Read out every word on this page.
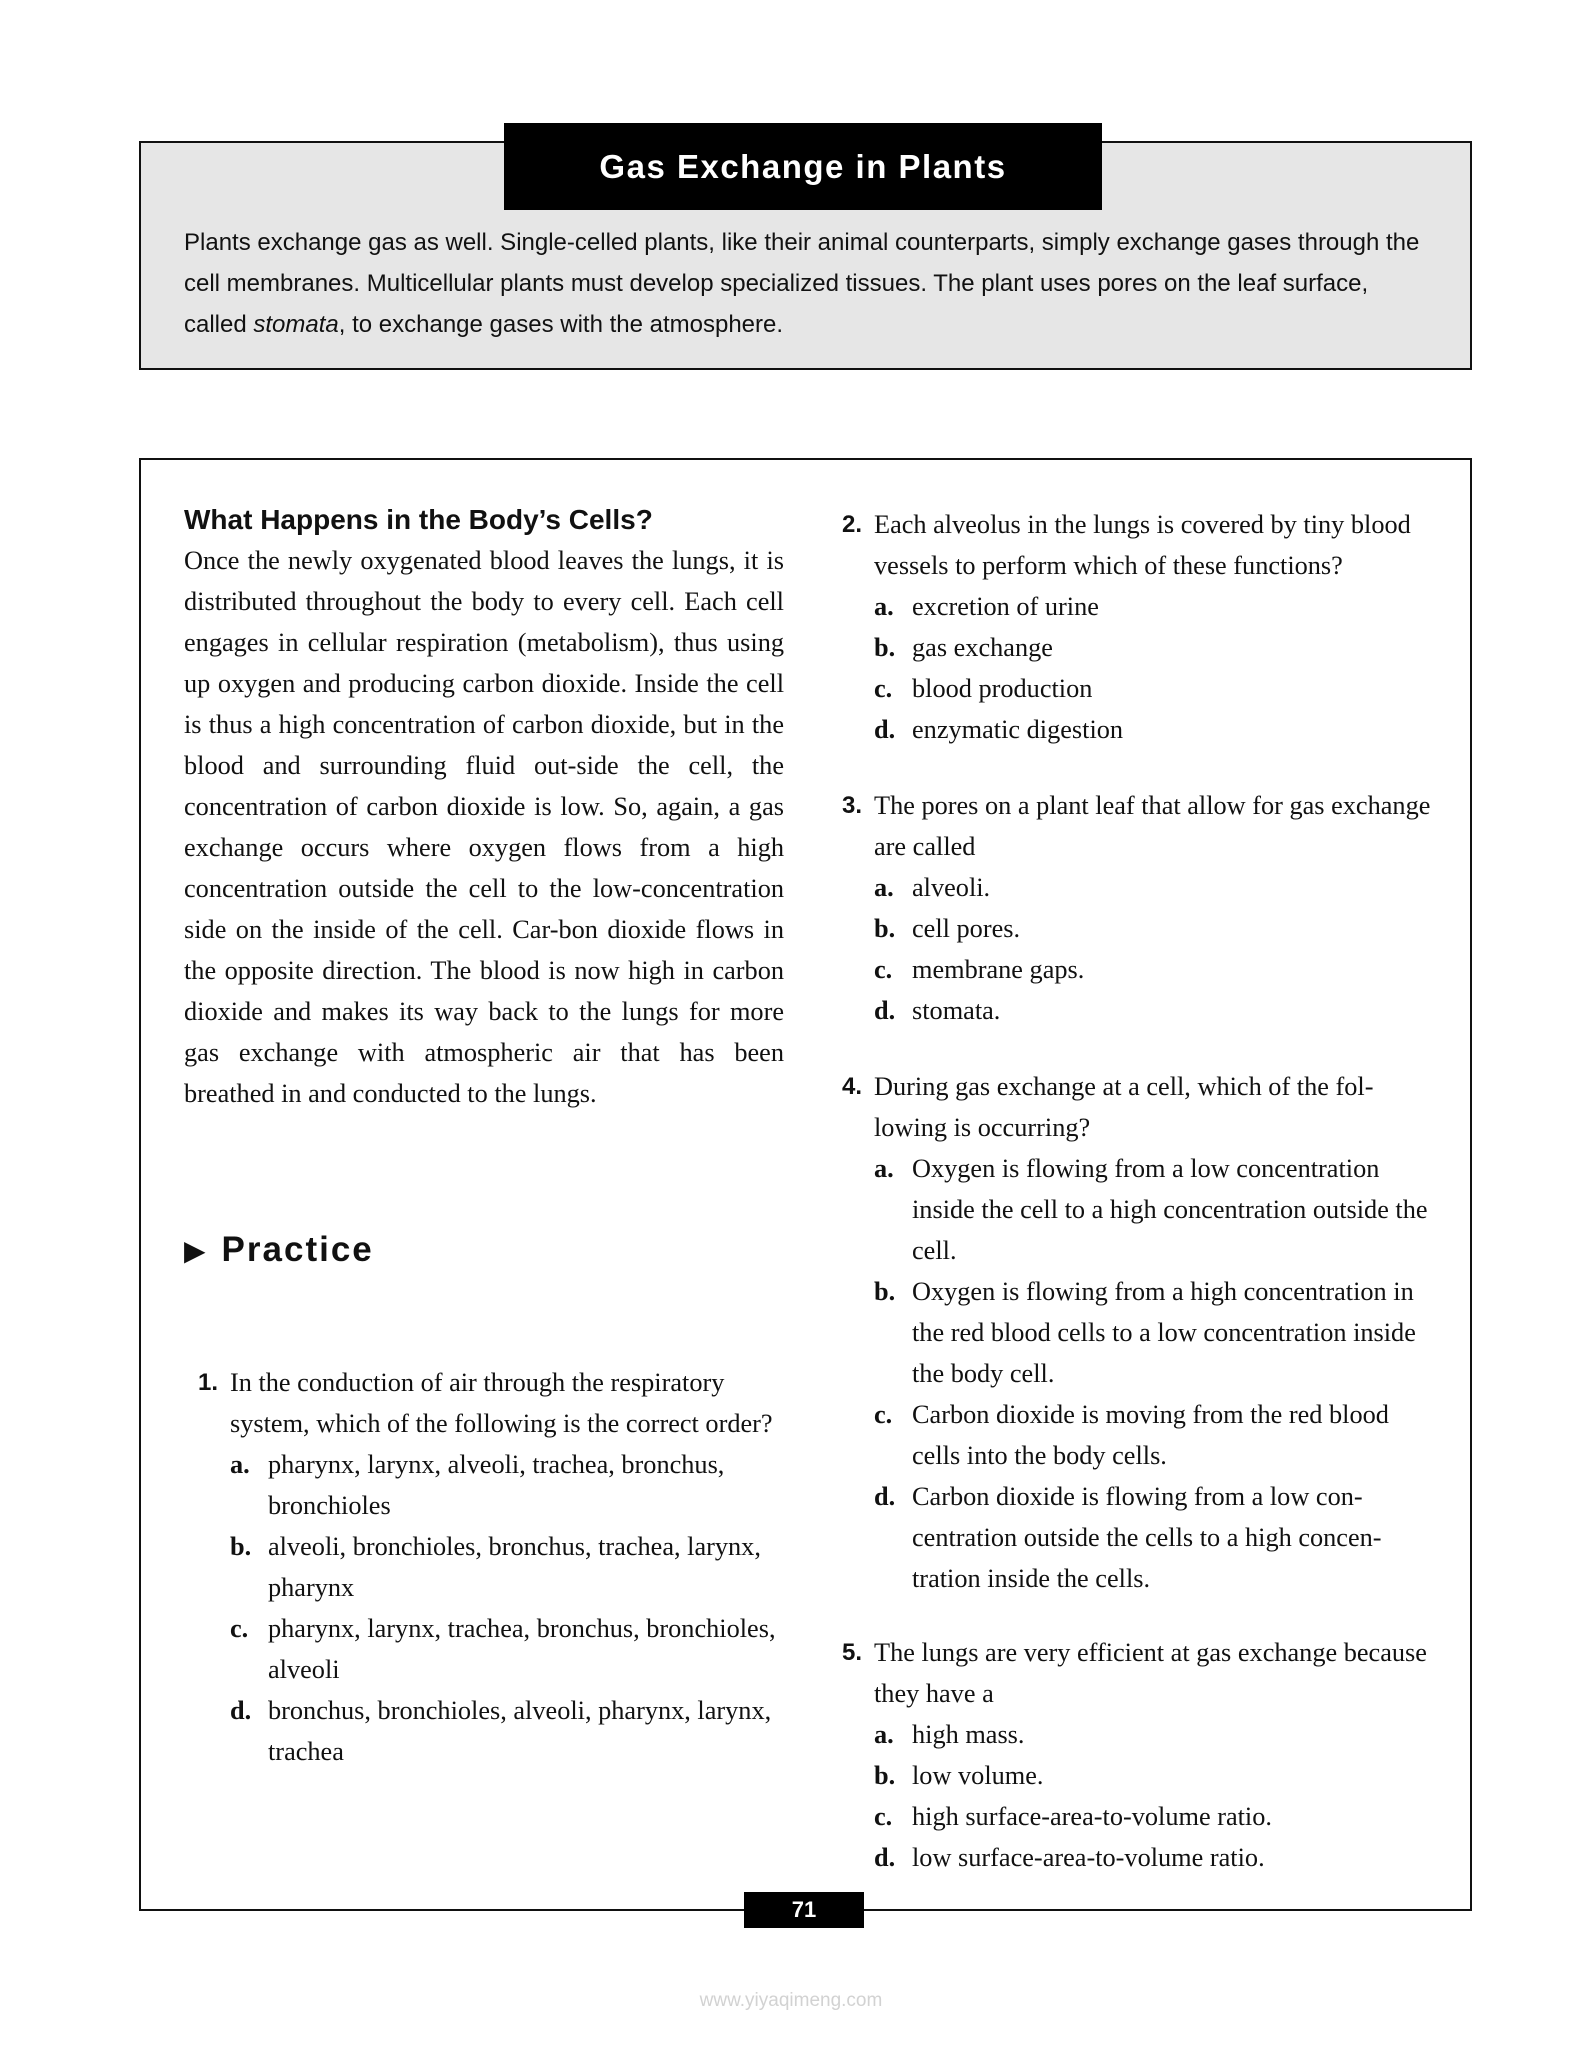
Gas Exchange in Plants

Plants exchange gas as well. Single-celled plants, like their animal counterparts, simply exchange gases through the cell membranes. Multicellular plants must develop specialized tissues. The plant uses pores on the leaf surface, called stomata, to exchange gases with the atmosphere.

What Happens in the Body’s Cells?

Once the newly oxygenated blood leaves the lungs, it is distributed throughout the body to every cell. Each cell engages in cellular respiration (metabolism), thus using up oxygen and producing carbon dioxide. Inside the cell is thus a high concentration of carbon dioxide, but in the blood and surrounding fluid out-side the cell, the concentration of carbon dioxide is low. So, again, a gas exchange occurs where oxygen flows from a high concentration outside the cell to the low-concentration side on the inside of the cell. Car-bon dioxide flows in the opposite direction. The blood is now high in carbon dioxide and makes its way back to the lungs for more gas exchange with atmospheric air that has been breathed in and conducted to the lungs.

▶ Practice
1. In the conduction of air through the respiratory system, which of the following is the correct order?
a. pharynx, larynx, alveoli, trachea, bronchus, bronchioles
b. alveoli, bronchioles, bronchus, trachea, larynx, pharynx
c. pharynx, larynx, trachea, bronchus, bronchioles, alveoli
d. bronchus, bronchioles, alveoli, pharynx, larynx, trachea
2. Each alveolus in the lungs is covered by tiny blood vessels to perform which of these functions?
a. excretion of urine
b. gas exchange
c. blood production
d. enzymatic digestion
3. The pores on a plant leaf that allow for gas exchange are called
a. alveoli.
b. cell pores.
c. membrane gaps.
d. stomata.
4. During gas exchange at a cell, which of the fol-lowing is occurring?
a. Oxygen is flowing from a low concentration inside the cell to a high concentration outside the cell.
b. Oxygen is flowing from a high concentration in the red blood cells to a low concentration inside the body cell.
c. Carbon dioxide is moving from the red blood cells into the body cells.
d. Carbon dioxide is flowing from a low con-centration outside the cells to a high concen-tration inside the cells.
5. The lungs are very efficient at gas exchange because they have a
a. high mass.
b. low volume.
c. high surface-area-to-volume ratio.
d. low surface-area-to-volume ratio.
71
www.yiyaqimeng.com
